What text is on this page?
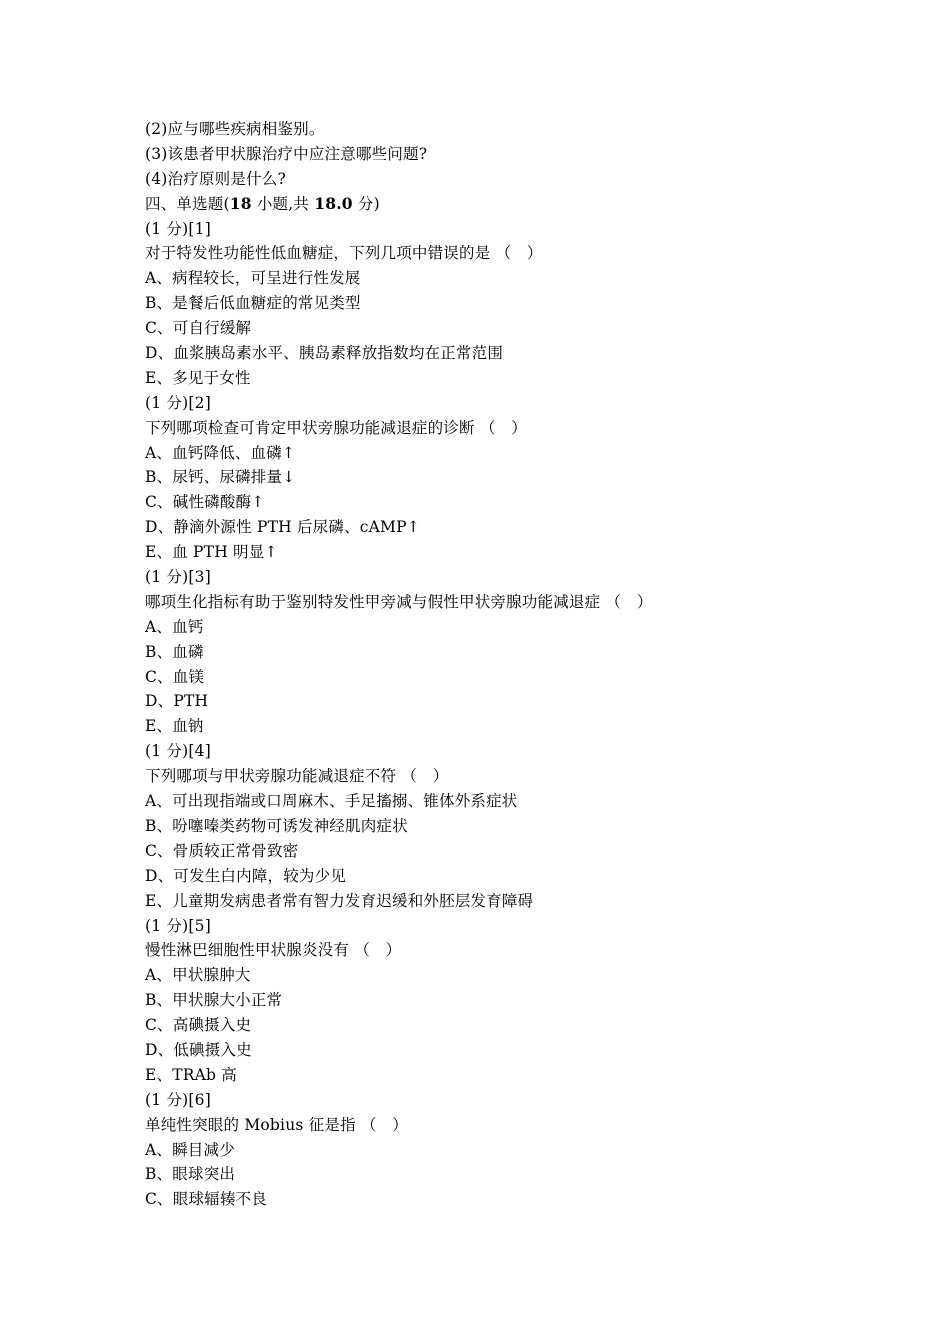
(2)应与哪些疾病相鉴别。
(3)该患者甲状腺治疗中应注意哪些问题?
(4)治疗原则是什么?
四、单选题(18 小题,共 18.0 分)
(1 分)[1]
对于特发性功能性低血糖症，下列几项中错误的是 （　）
A、病程较长，可呈进行性发展
B、是餐后低血糖症的常见类型
C、可自行缓解
D、血浆胰岛素水平、胰岛素释放指数均在正常范围
E、多见于女性
(1 分)[2]
下列哪项检查可肯定甲状旁腺功能减退症的诊断 （　）
A、血钙降低、血磷↑
B、尿钙、尿磷排量↓
C、碱性磷酸酶↑
D、静滴外源性 PTH 后尿磷、cAMP↑
E、血 PTH 明显↑
(1 分)[3]
哪项生化指标有助于鉴别特发性甲旁减与假性甲状旁腺功能减退症 （　）
A、血钙
B、血磷
C、血镁
D、PTH
E、血钠
(1 分)[4]
下列哪项与甲状旁腺功能减退症不符 （　）
A、可出现指端或口周麻木、手足搐搦、锥体外系症状
B、吩噻嗪类药物可诱发神经肌肉症状
C、骨质较正常骨致密
D、可发生白内障，较为少见
E、儿童期发病患者常有智力发育迟缓和外胚层发育障碍
(1 分)[5]
慢性淋巴细胞性甲状腺炎没有 （　）
A、甲状腺肿大
B、甲状腺大小正常
C、高碘摄入史
D、低碘摄入史
E、TRAb 高
(1 分)[6]
单纯性突眼的 Mobius 征是指 （　）
A、瞬目减少
B、眼球突出
C、眼球辐辏不良
